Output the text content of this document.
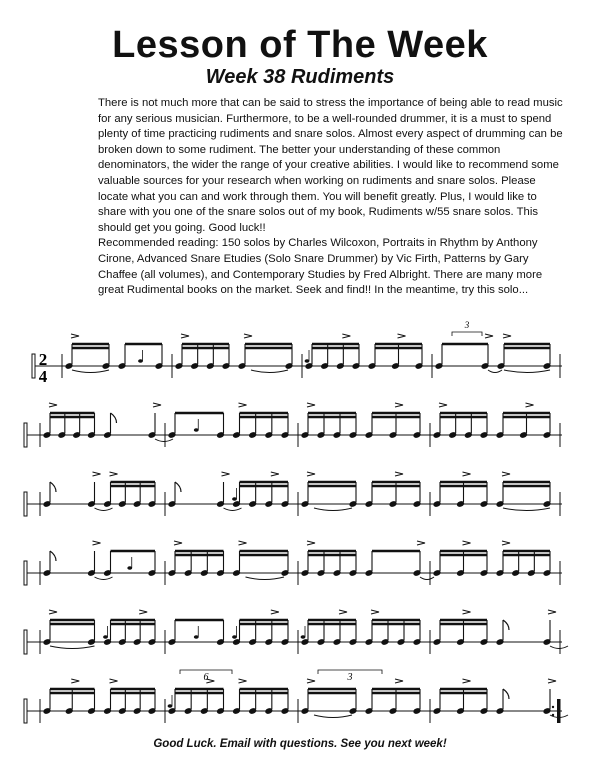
Lesson of The Week
Week 38 Rudiments

There is not much more that can be said to stress the importance of being able to read music for any serious musician. Furthermore, to be a well-rounded drummer, it is a must to spend plenty of time practicing rudiments and snare solos. Almost every aspect of drumming can be broken down to some rudiment. The better your understanding of these common denominators, the wider the range of your creative abilities. I would like to recommend some valuable sources for your research when working on rudiments and snare solos. Please locate what you can and work through them. You will benefit greatly. Plus, I would like to share with you one of the snare solos out of my book, Rudiments w/55 snare solos. This should get you going. Good luck!!

Recommended reading: 150 solos by Charles Wilcoxon, Portraits in Rhythm by Anthony Cirone, Advanced Snare Etudies (Solo Snare Drummer) by Vic Firth, Patterns by Gary Chaffee (all volumes), and Contemporary Studies by Fred Albright. There are many more great Rudimental books on the market. Seek and find!! In the meantime, try this solo...

2
4
3
6	3
Good Luck. Email with questions. See you next week!
